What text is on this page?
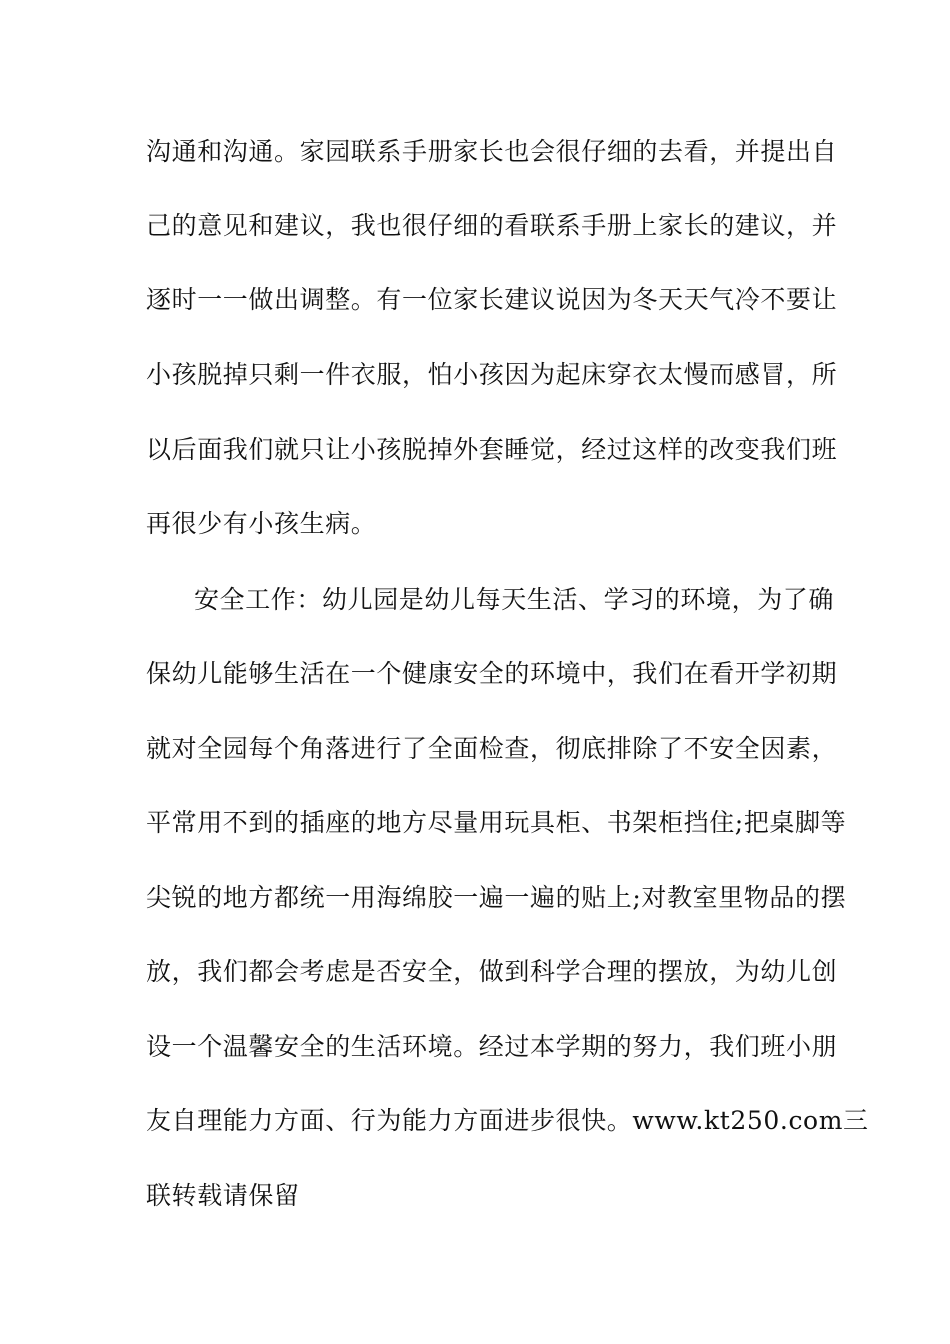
沟通和沟通。家园联系手册家长也会很仔细的去看，并提出自
己的意见和建议，我也很仔细的看联系手册上家长的建议，并
逐时一一做出调整。有一位家长建议说因为冬天天气冷不要让
小孩脱掉只剩一件衣服，怕小孩因为起床穿衣太慢而感冒，所
以后面我们就只让小孩脱掉外套睡觉，经过这样的改变我们班
再很少有小孩生病。
安全工作：幼儿园是幼儿每天生活、学习的环境，为了确
保幼儿能够生活在一个健康安全的环境中，我们在看开学初期
就对全园每个角落进行了全面检查，彻底排除了不安全因素，
平常用不到的插座的地方尽量用玩具柜、书架柜挡住;把桌脚等
尖锐的地方都统一用海绵胶一遍一遍的贴上;对教室里物品的摆
放，我们都会考虑是否安全，做到科学合理的摆放，为幼儿创
设一个温馨安全的生活环境。经过本学期的努力，我们班小朋
友自理能力方面、行为能力方面进步很快。www.kt250.com三
联转载请保留
